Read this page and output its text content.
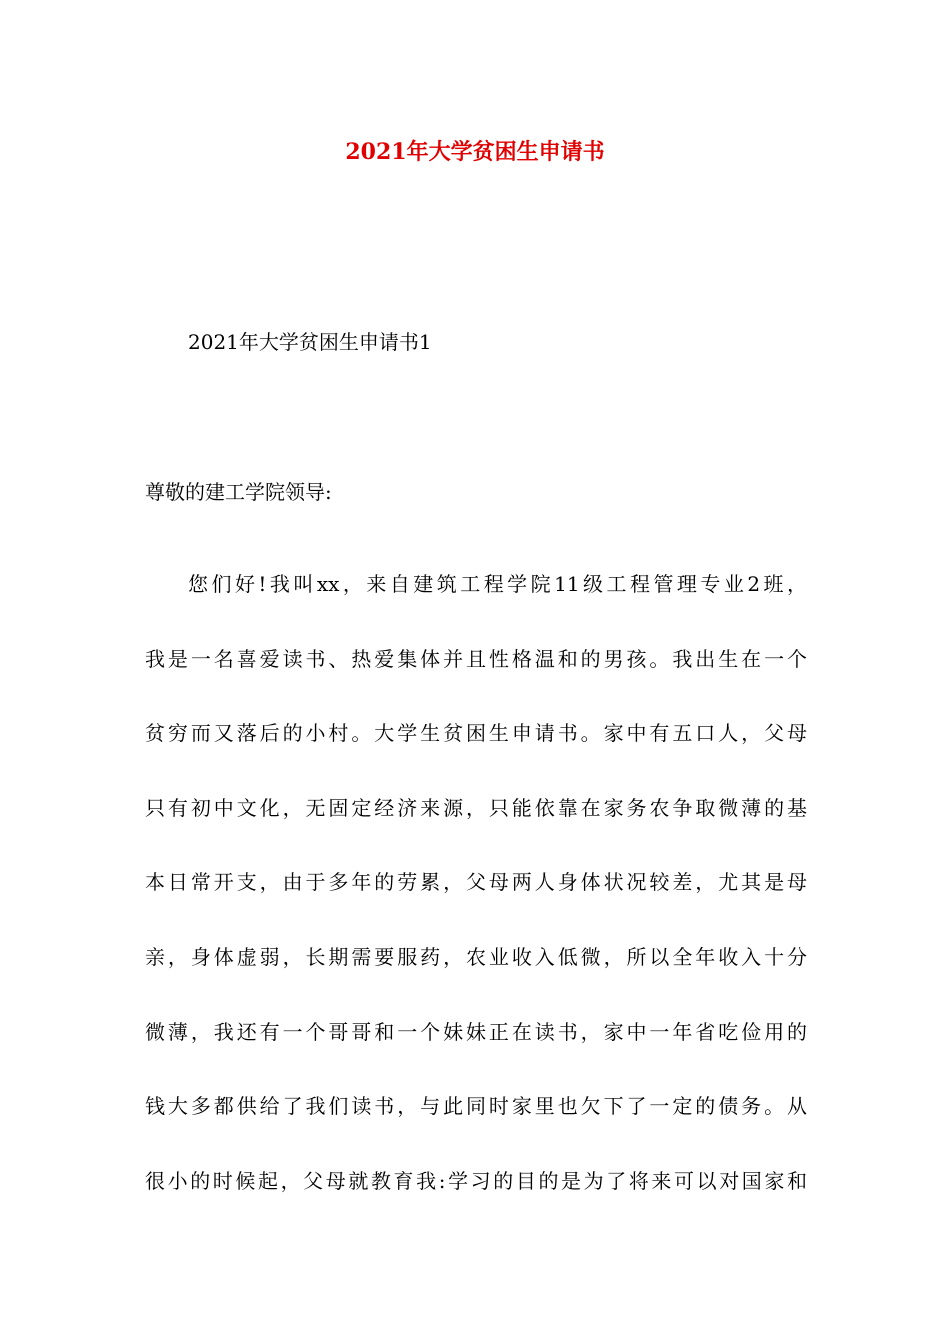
2021年大学贫困生申请书
2021年大学贫困生申请书1
尊敬的建工学院领导:
您们好!我叫xx，来自建筑工程学院11级工程管理专业2班，
我是一名喜爱读书、热爱集体并且性格温和的男孩。我出生在一个
贫穷而又落后的小村。大学生贫困生申请书。家中有五口人，父母
只有初中文化，无固定经济来源，只能依靠在家务农争取微薄的基
本日常开支，由于多年的劳累，父母两人身体状况较差，尤其是母
亲，身体虚弱，长期需要服药，农业收入低微，所以全年收入十分
微薄，我还有一个哥哥和一个妹妹正在读书，家中一年省吃俭用的
钱大多都供给了我们读书，与此同时家里也欠下了一定的债务。从
很小的时候起，父母就教育我:学习的目的是为了将来可以对国家和
